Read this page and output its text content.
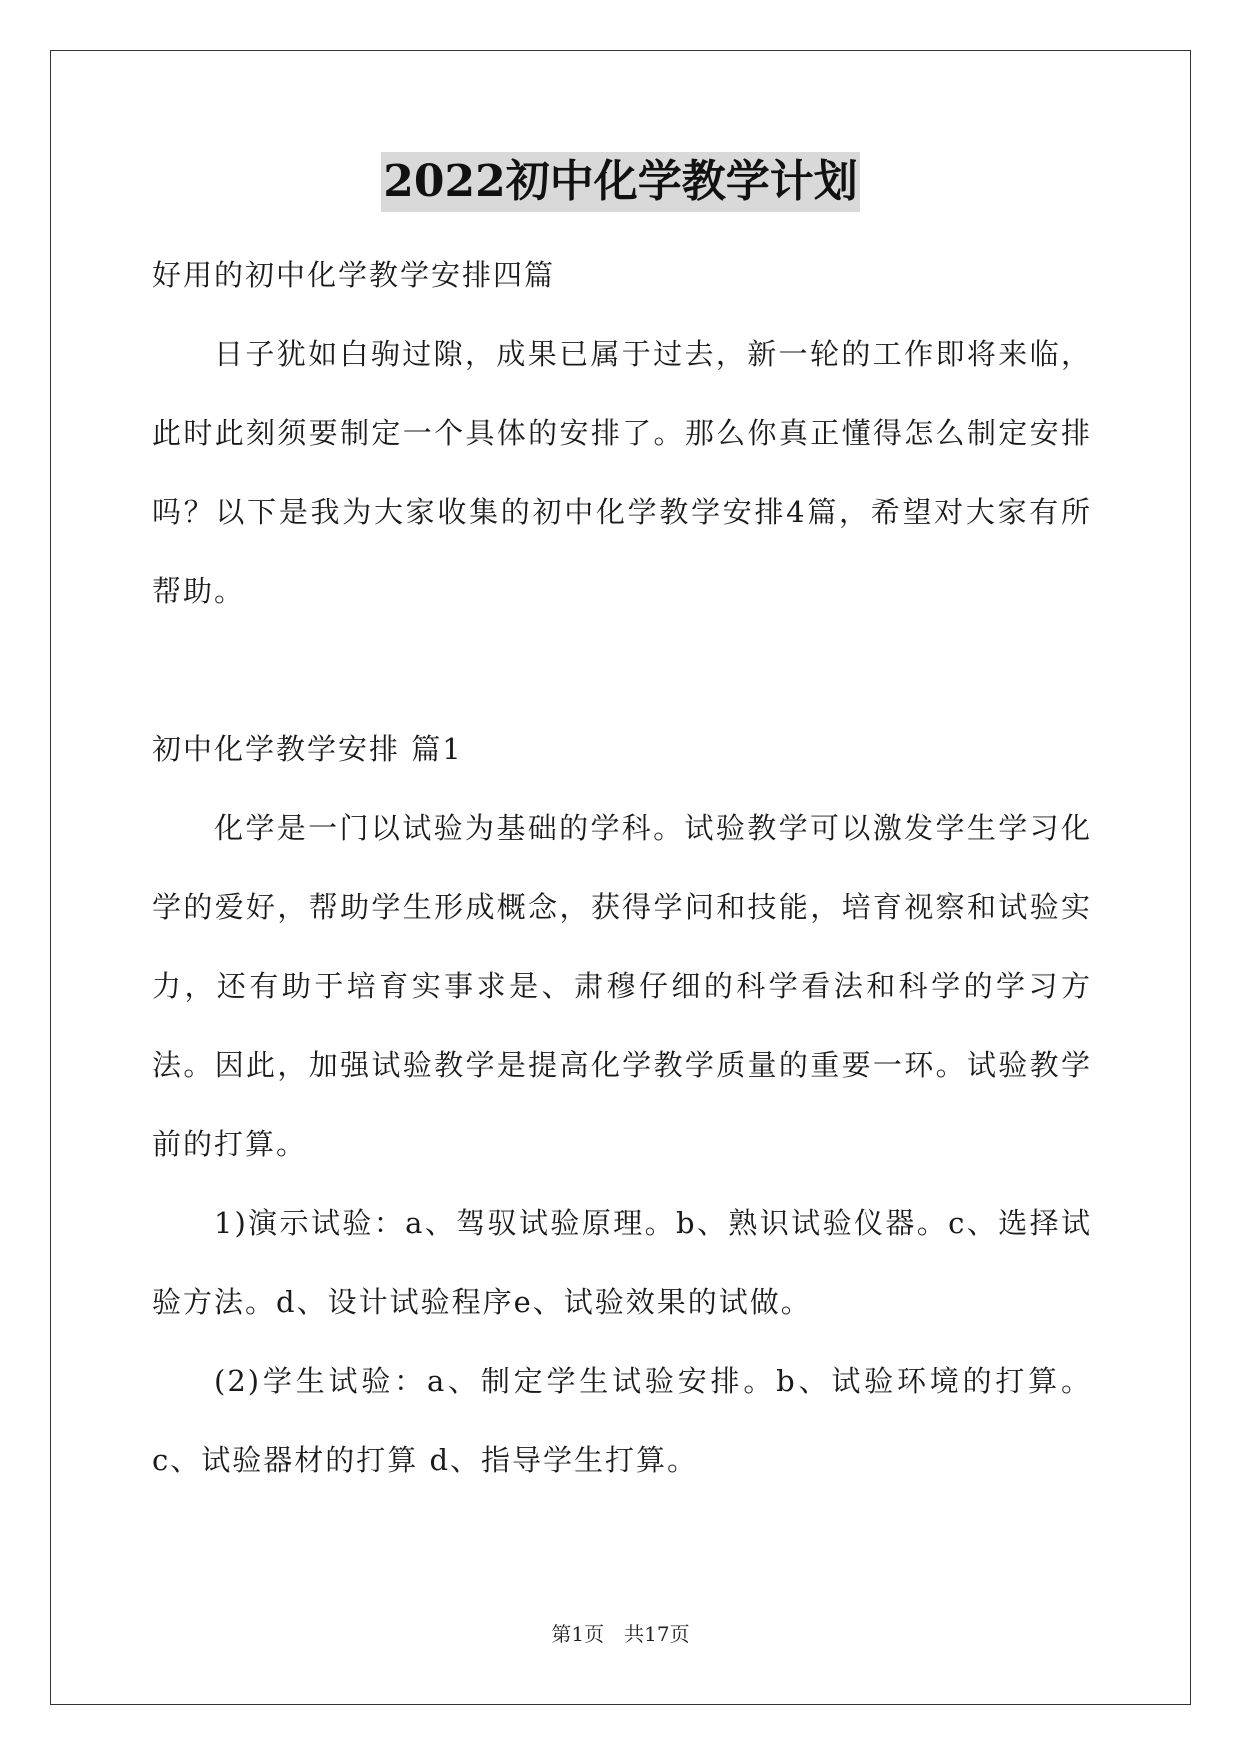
2022初中化学教学计划

好用的初中化学教学安排四篇

日子犹如白驹过隙，成果已属于过去，新一轮的工作即将来临，此时此刻须要制定一个具体的安排了。那么你真正懂得怎么制定安排吗？以下是我为大家收集的初中化学教学安排4篇，希望对大家有所帮助。

初中化学教学安排 篇1

化学是一门以试验为基础的学科。试验教学可以激发学生学习化学的爱好，帮助学生形成概念，获得学问和技能，培育视察和试验实力，还有助于培育实事求是、肃穆仔细的科学看法和科学的学习方法。因此，加强试验教学是提高化学教学质量的重要一环。试验教学前的打算。

1)演示试验：a、驾驭试验原理。b、熟识试验仪器。c、选择试验方法。d、设计试验程序e、试验效果的试做。

(2)学生试验：a、制定学生试验安排。b、试验环境的打算。c、试验器材的打算 d、指导学生打算。

第1页　共17页
